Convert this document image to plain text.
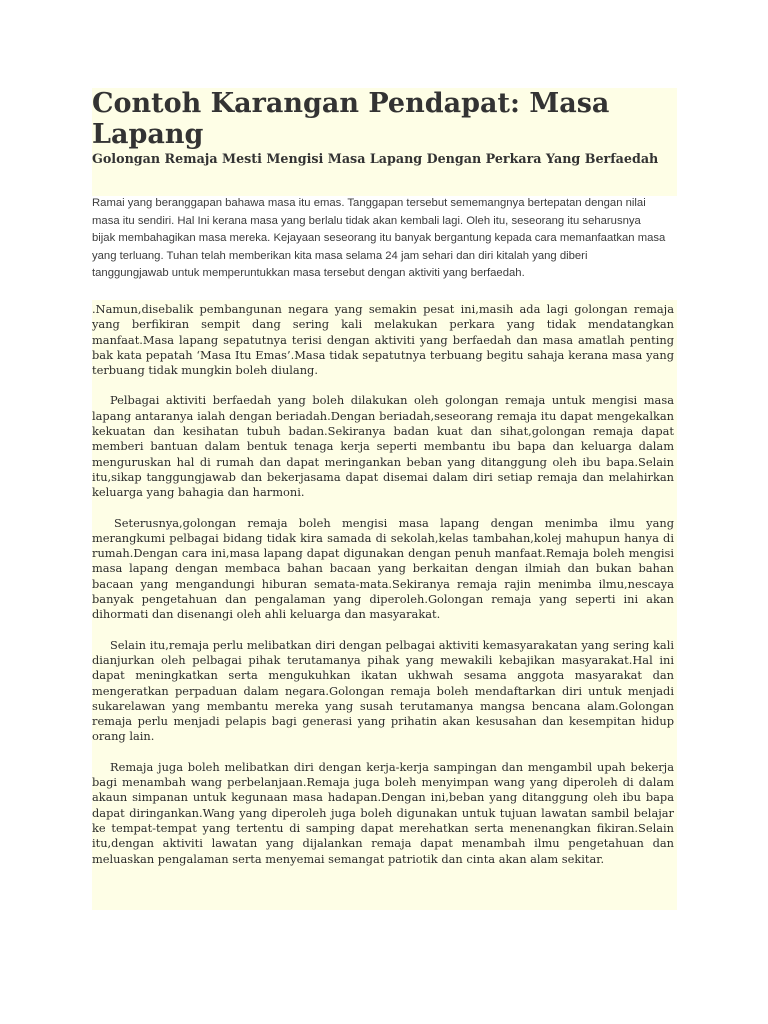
Contoh Karangan Pendapat: Masa Lapang
Golongan Remaja Mesti Mengisi Masa Lapang Dengan Perkara Yang Berfaedah

Ramai yang beranggapan bahawa masa itu emas. Tanggapan tersebut sememangnya bertepatan dengan nilai masa itu sendiri. Hal Ini kerana masa yang berlalu tidak akan kembali lagi. Oleh itu, seseorang itu seharusnya bijak membahagikan masa mereka. Kejayaan seseorang itu banyak bergantung kepada cara memanfaatkan masa yang terluang. Tuhan telah memberikan kita masa selama 24 jam sehari dan diri kitalah yang diberi tanggungjawab untuk memperuntukkan masa tersebut dengan aktiviti yang berfaedah.

.Namun,disebalik pembangunan negara yang semakin pesat ini,masih ada lagi golongan remaja yang berfikiran sempit dang sering kali melakukan perkara yang tidak mendatangkan manfaat.Masa lapang sepatutnya terisi dengan aktiviti yang berfaedah dan masa amatlah penting bak kata pepatah ‘Masa Itu Emas’.Masa tidak sepatutnya terbuang begitu sahaja kerana masa yang terbuang tidak mungkin boleh diulang.

Pelbagai aktiviti berfaedah yang boleh dilakukan oleh golongan remaja untuk mengisi masa lapang antaranya ialah dengan beriadah.Dengan beriadah,seseorang remaja itu dapat mengekalkan kekuatan dan kesihatan tubuh badan.Sekiranya badan kuat dan sihat,golongan remaja dapat memberi bantuan dalam bentuk tenaga kerja seperti membantu ibu bapa dan keluarga dalam menguruskan hal di rumah dan dapat meringankan beban yang ditanggung oleh ibu bapa.Selain itu,sikap tanggungjawab dan bekerjasama dapat disemai dalam diri setiap remaja dan melahirkan keluarga yang bahagia dan harmoni.

Seterusnya,golongan remaja boleh mengisi masa lapang dengan menimba ilmu yang merangkumi pelbagai bidang tidak kira samada di sekolah,kelas tambahan,kolej mahupun hanya di rumah.Dengan cara ini,masa lapang dapat digunakan dengan penuh manfaat.Remaja boleh mengisi masa lapang dengan membaca bahan bacaan yang berkaitan dengan ilmiah dan bukan bahan bacaan yang mengandungi hiburan semata-mata.Sekiranya remaja rajin menimba ilmu,nescaya banyak pengetahuan dan pengalaman yang diperoleh.Golongan remaja yang seperti ini akan dihormati dan disenangi oleh ahli keluarga dan masyarakat.

Selain itu,remaja perlu melibatkan diri dengan pelbagai aktiviti kemasyarakatan yang sering kali dianjurkan oleh pelbagai pihak terutamanya pihak yang mewakili kebajikan masyarakat.Hal ini dapat meningkatkan serta mengukuhkan ikatan ukhwah sesama anggota masyarakat dan mengeratkan perpaduan dalam negara.Golongan remaja boleh mendaftarkan diri untuk menjadi sukarelawan yang membantu mereka yang susah terutamanya mangsa bencana alam.Golongan remaja perlu menjadi pelapis bagi generasi yang prihatin akan kesusahan dan kesempitan hidup orang lain.

Remaja juga boleh melibatkan diri dengan kerja-kerja sampingan dan mengambil upah bekerja bagi menambah wang perbelanjaan.Remaja juga boleh menyimpan wang yang diperoleh di dalam akaun simpanan untuk kegunaan masa hadapan.Dengan ini,beban yang ditanggung oleh ibu bapa dapat diringankan.Wang yang diperoleh juga boleh digunakan untuk tujuan lawatan sambil belajar ke tempat-tempat yang tertentu di samping dapat merehatkan serta menenangkan fikiran.Selain itu,dengan aktiviti lawatan yang dijalankan remaja dapat menambah ilmu pengetahuan dan meluaskan pengalaman serta menyemai semangat patriotik dan cinta akan alam sekitar.
